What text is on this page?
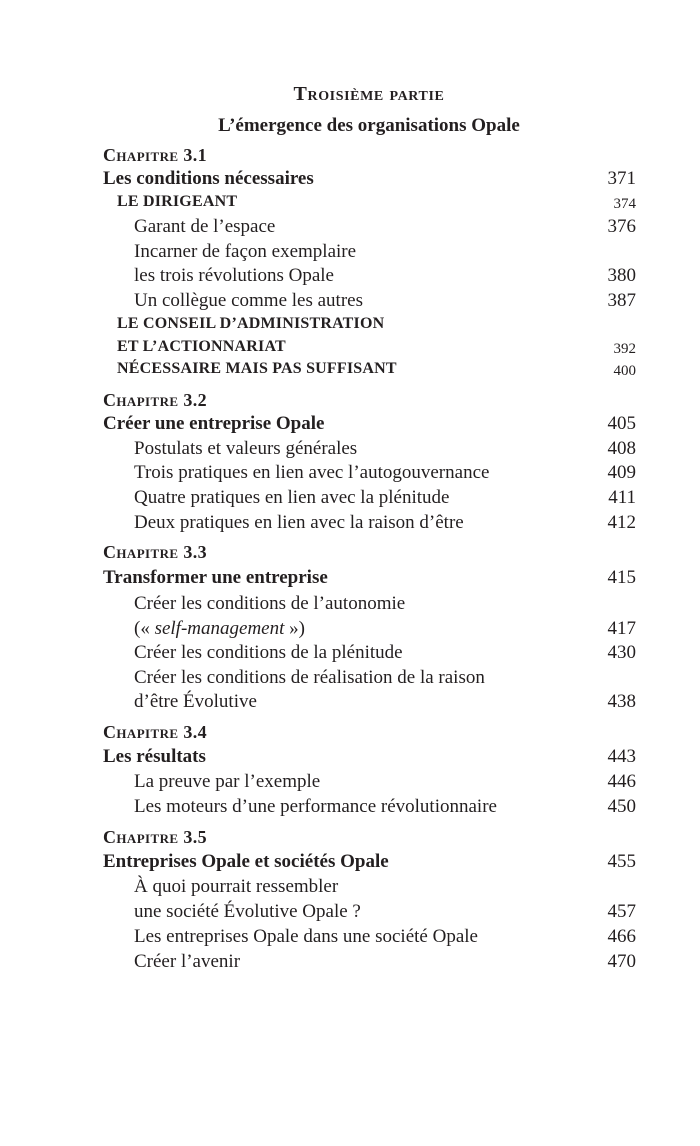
Troisième partie
L’émergence des organisations Opale
Chapitre 3.1
Les conditions nécessaires	371
LE DIRIGEANT	374
Garant de l’espace	376
Incarner de façon exemplaire
les trois révolutions Opale	380
Un collègue comme les autres	387
LE CONSEIL D’ADMINISTRATION
ET L’ACTIONNARIAT	392
NÉCESSAIRE MAIS PAS SUFFISANT	400
Chapitre 3.2
Créer une entreprise Opale	405
Postulats et valeurs générales	408
Trois pratiques en lien avec l’autogouvernance	409
Quatre pratiques en lien avec la plénitude	411
Deux pratiques en lien avec la raison d’être	412
Chapitre 3.3
Transformer une entreprise	415
Créer les conditions de l’autonomie
(« self-management »)	417
Créer les conditions de la plénitude	430
Créer les conditions de réalisation de la raison
d’être Évolutive	438
Chapitre 3.4
Les résultats	443
La preuve par l’exemple	446
Les moteurs d’une performance révolutionnaire	450
Chapitre 3.5
Entreprises Opale et sociétés Opale	455
À quoi pourrait ressembler
une société Évolutive Opale ?	457
Les entreprises Opale dans une société Opale	466
Créer l’avenir	470
